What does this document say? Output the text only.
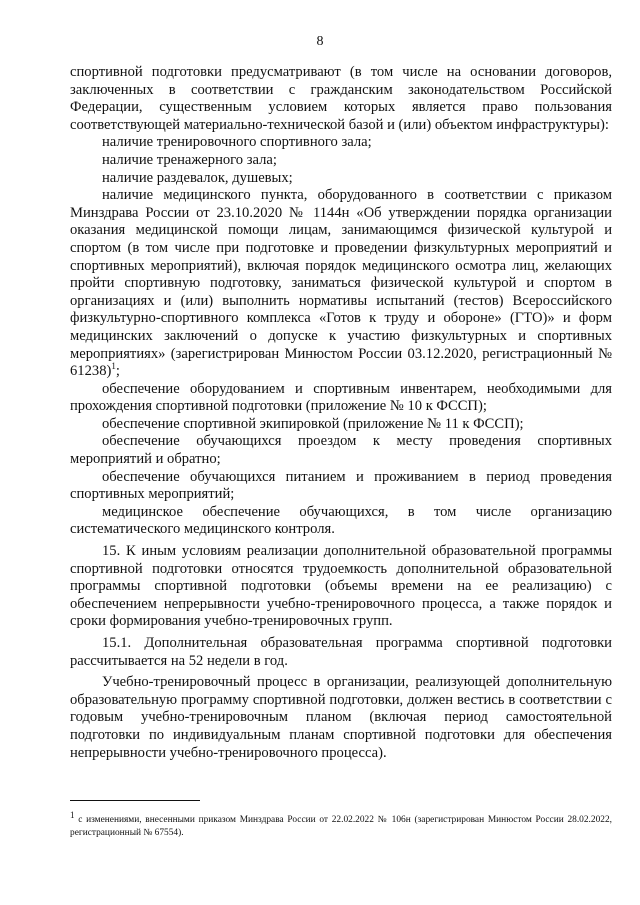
8

спортивной подготовки предусматривают (в том числе на основании договоров, заключенных в соответствии с гражданским законодательством Российской Федерации, существенным условием которых является право пользования соответствующей материально-технической базой и (или) объектом инфраструктуры):

наличие тренировочного спортивного зала;

наличие тренажерного зала;

наличие раздевалок, душевых;

наличие медицинского пункта, оборудованного в соответствии с приказом Минздрава России от 23.10.2020 № 1144н «Об утверждении порядка организации оказания медицинской помощи лицам, занимающимся физической культурой и спортом (в том числе при подготовке и проведении физкультурных мероприятий и спортивных мероприятий), включая порядок медицинского осмотра лиц, желающих пройти спортивную подготовку, заниматься физической культурой и спортом в организациях и (или) выполнить нормативы испытаний (тестов) Всероссийского физкультурно-спортивного комплекса «Готов к труду и обороне» (ГТО)» и форм медицинских заключений о допуске к участию физкультурных и спортивных мероприятиях» (зарегистрирован Минюстом России 03.12.2020, регистрационный № 61238)$^1$;

обеспечение оборудованием и спортивным инвентарем, необходимыми для прохождения спортивной подготовки (приложение № 10 к ФССП);

обеспечение спортивной экипировкой (приложение № 11 к ФССП);

обеспечение обучающихся проездом к месту проведения спортивных мероприятий и обратно;

обеспечение обучающихся питанием и проживанием в период проведения спортивных мероприятий;

медицинское обеспечение обучающихся, в том числе организацию систематического медицинского контроля.

15. К иным условиям реализации дополнительной образовательной программы спортивной подготовки относятся трудоемкость дополнительной образовательной программы спортивной подготовки (объемы времени на ее реализацию) с обеспечением непрерывности учебно-тренировочного процесса, а также порядок и сроки формирования учебно-тренировочных групп.

15.1. Дополнительная образовательная программа спортивной подготовки рассчитывается на 52 недели в год.

Учебно-тренировочный процесс в организации, реализующей дополнительную образовательную программу спортивной подготовки, должен вестись в соответствии с годовым учебно-тренировочным планом (включая период самостоятельной подготовки по индивидуальным планам спортивной подготовки для обеспечения непрерывности учебно-тренировочного процесса).

$^1$ с изменениями, внесенными приказом Минздрава России от 22.02.2022 № 106н (зарегистрирован Минюстом России 28.02.2022, регистрационный № 67554).
